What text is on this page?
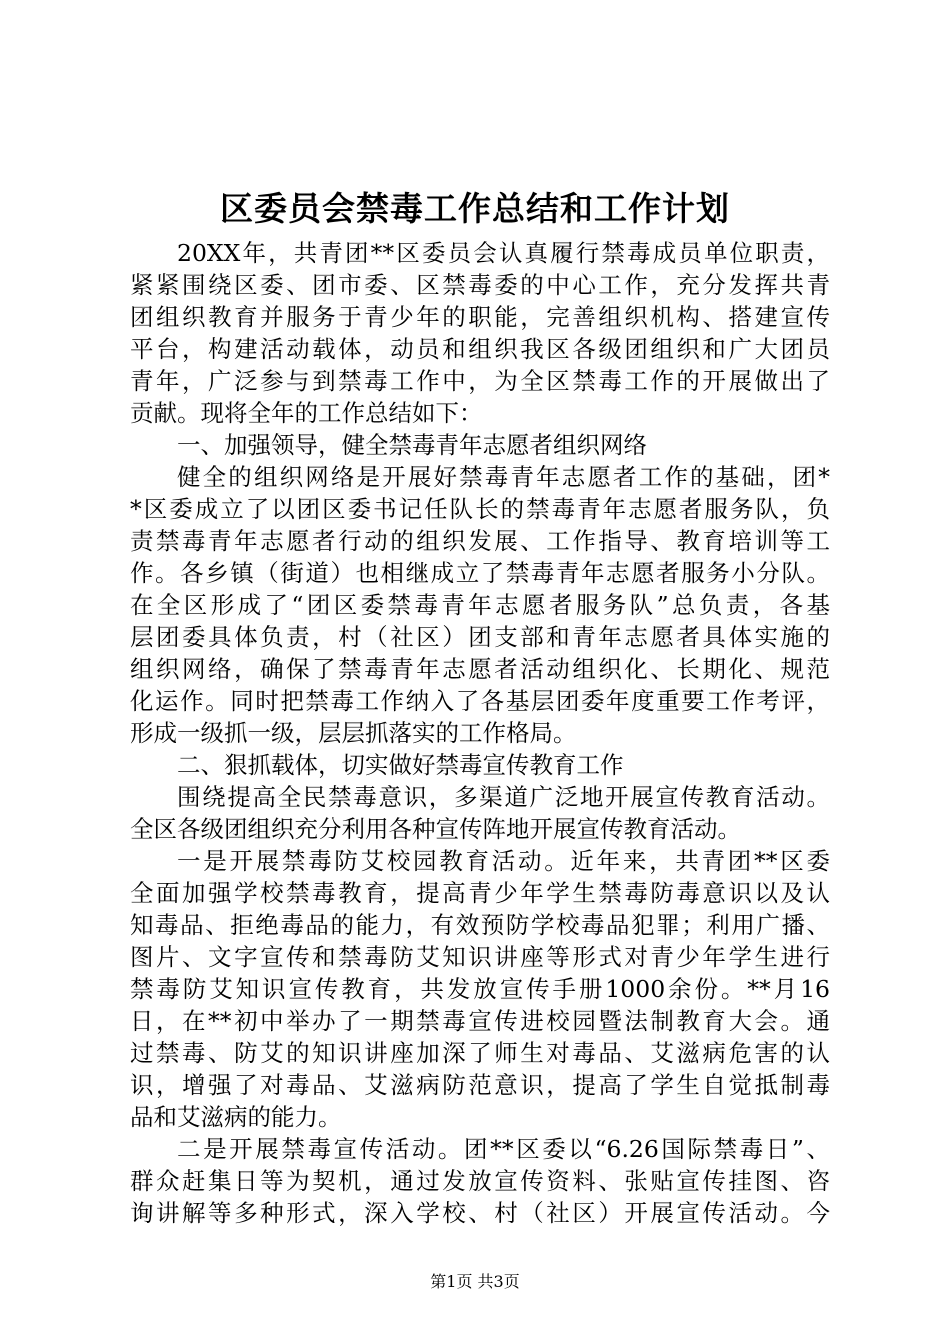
区委员会禁毒工作总结和工作计划
20XX年，共青团**区委员会认真履行禁毒成员单位职责，
紧紧围绕区委、团市委、区禁毒委的中心工作，充分发挥共青
团组织教育并服务于青少年的职能，完善组织机构、搭建宣传
平台，构建活动载体，动员和组织我区各级团组织和广大团员
青年，广泛参与到禁毒工作中，为全区禁毒工作的开展做出了
贡献。现将全年的工作总结如下：
一、加强领导，健全禁毒青年志愿者组织网络
健全的组织网络是开展好禁毒青年志愿者工作的基础，团*
*区委成立了以团区委书记任队长的禁毒青年志愿者服务队，负
责禁毒青年志愿者行动的组织发展、工作指导、教育培训等工
作。各乡镇（街道）也相继成立了禁毒青年志愿者服务小分队。
在全区形成了“团区委禁毒青年志愿者服务队”总负责，各基
层团委具体负责，村（社区）团支部和青年志愿者具体实施的
组织网络，确保了禁毒青年志愿者活动组织化、长期化、规范
化运作。同时把禁毒工作纳入了各基层团委年度重要工作考评，
形成一级抓一级，层层抓落实的工作格局。
二、狠抓载体，切实做好禁毒宣传教育工作
围绕提高全民禁毒意识，多渠道广泛地开展宣传教育活动。
全区各级团组织充分利用各种宣传阵地开展宣传教育活动。
一是开展禁毒防艾校园教育活动。近年来，共青团**区委
全面加强学校禁毒教育，提高青少年学生禁毒防毒意识以及认
知毒品、拒绝毒品的能力，有效预防学校毒品犯罪；利用广播、
图片、文字宣传和禁毒防艾知识讲座等形式对青少年学生进行
禁毒防艾知识宣传教育，共发放宣传手册1000余份。**月16
日，在**初中举办了一期禁毒宣传进校园暨法制教育大会。通
过禁毒、防艾的知识讲座加深了师生对毒品、艾滋病危害的认
识，增强了对毒品、艾滋病防范意识，提高了学生自觉抵制毒
品和艾滋病的能力。
二是开展禁毒宣传活动。团**区委以“6.26国际禁毒日”、
群众赶集日等为契机，通过发放宣传资料、张贴宣传挂图、咨
询讲解等多种形式，深入学校、村（社区）开展宣传活动。今
第1页 共3页
